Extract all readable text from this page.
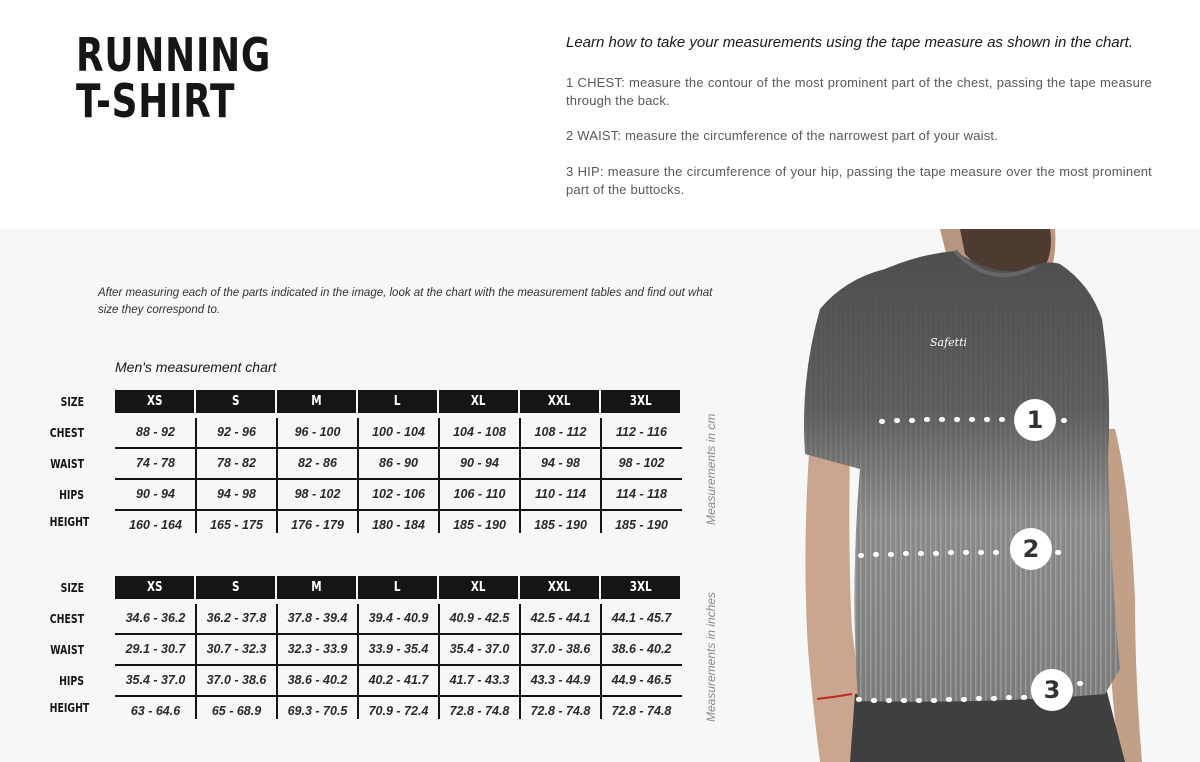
RUNNING
T-SHIRT
Learn how to take your measurements using the tape measure as shown in the chart.
1 CHEST: measure the contour of the most prominent part of the chest, passing the tape measure through the back.
2 WAIST: measure the circumference of the narrowest part of your waist.
3 HIP: measure the circumference of your hip, passing the tape measure over the most prominent part of the buttocks.
After measuring each of the parts indicated in the image, look at the chart with the measurement tables and find out what size they correspond to.
Men's measurement chart
SIZE	XS	S	M	L	XL	XXL	3XL
CHEST	88 - 92	92 - 96	96 - 100	100 - 104	104 - 108	108 - 112	112 - 116
WAIST	74 - 78	78 - 82	82 - 86	86 - 90	90 - 94	94 - 98	98 - 102
HIPS	90 - 94	94 - 98	98 - 102	102 - 106	106 - 110	110 - 114	114 - 118
HEIGHT	160 - 164	165 - 175	176 - 179	180 - 184	185 - 190	185 - 190	185 - 190	Measurements in cm
SIZE	XS	S	M	L	XL	XXL	3XL
CHEST	34.6 - 36.2	36.2 - 37.8	37.8 - 39.4	39.4 - 40.9	40.9 - 42.5	42.5 - 44.1	44.1 - 45.7
WAIST	29.1 - 30.7	30.7 - 32.3	32.3 - 33.9	33.9 - 35.4	35.4 - 37.0	37.0 - 38.6	38.6 - 40.2
HIPS	35.4 - 37.0	37.0 - 38.6	38.6 - 40.2	40.2 - 41.7	41.7 - 43.3	43.3 - 44.9	44.9 - 46.5
HEIGHT	63 - 64.6	65 - 68.9	69.3 - 70.5	70.9 - 72.4	72.8 - 74.8	72.8 - 74.8	72.8 - 74.8	Measurements in inches
Safetti
1
2
3
